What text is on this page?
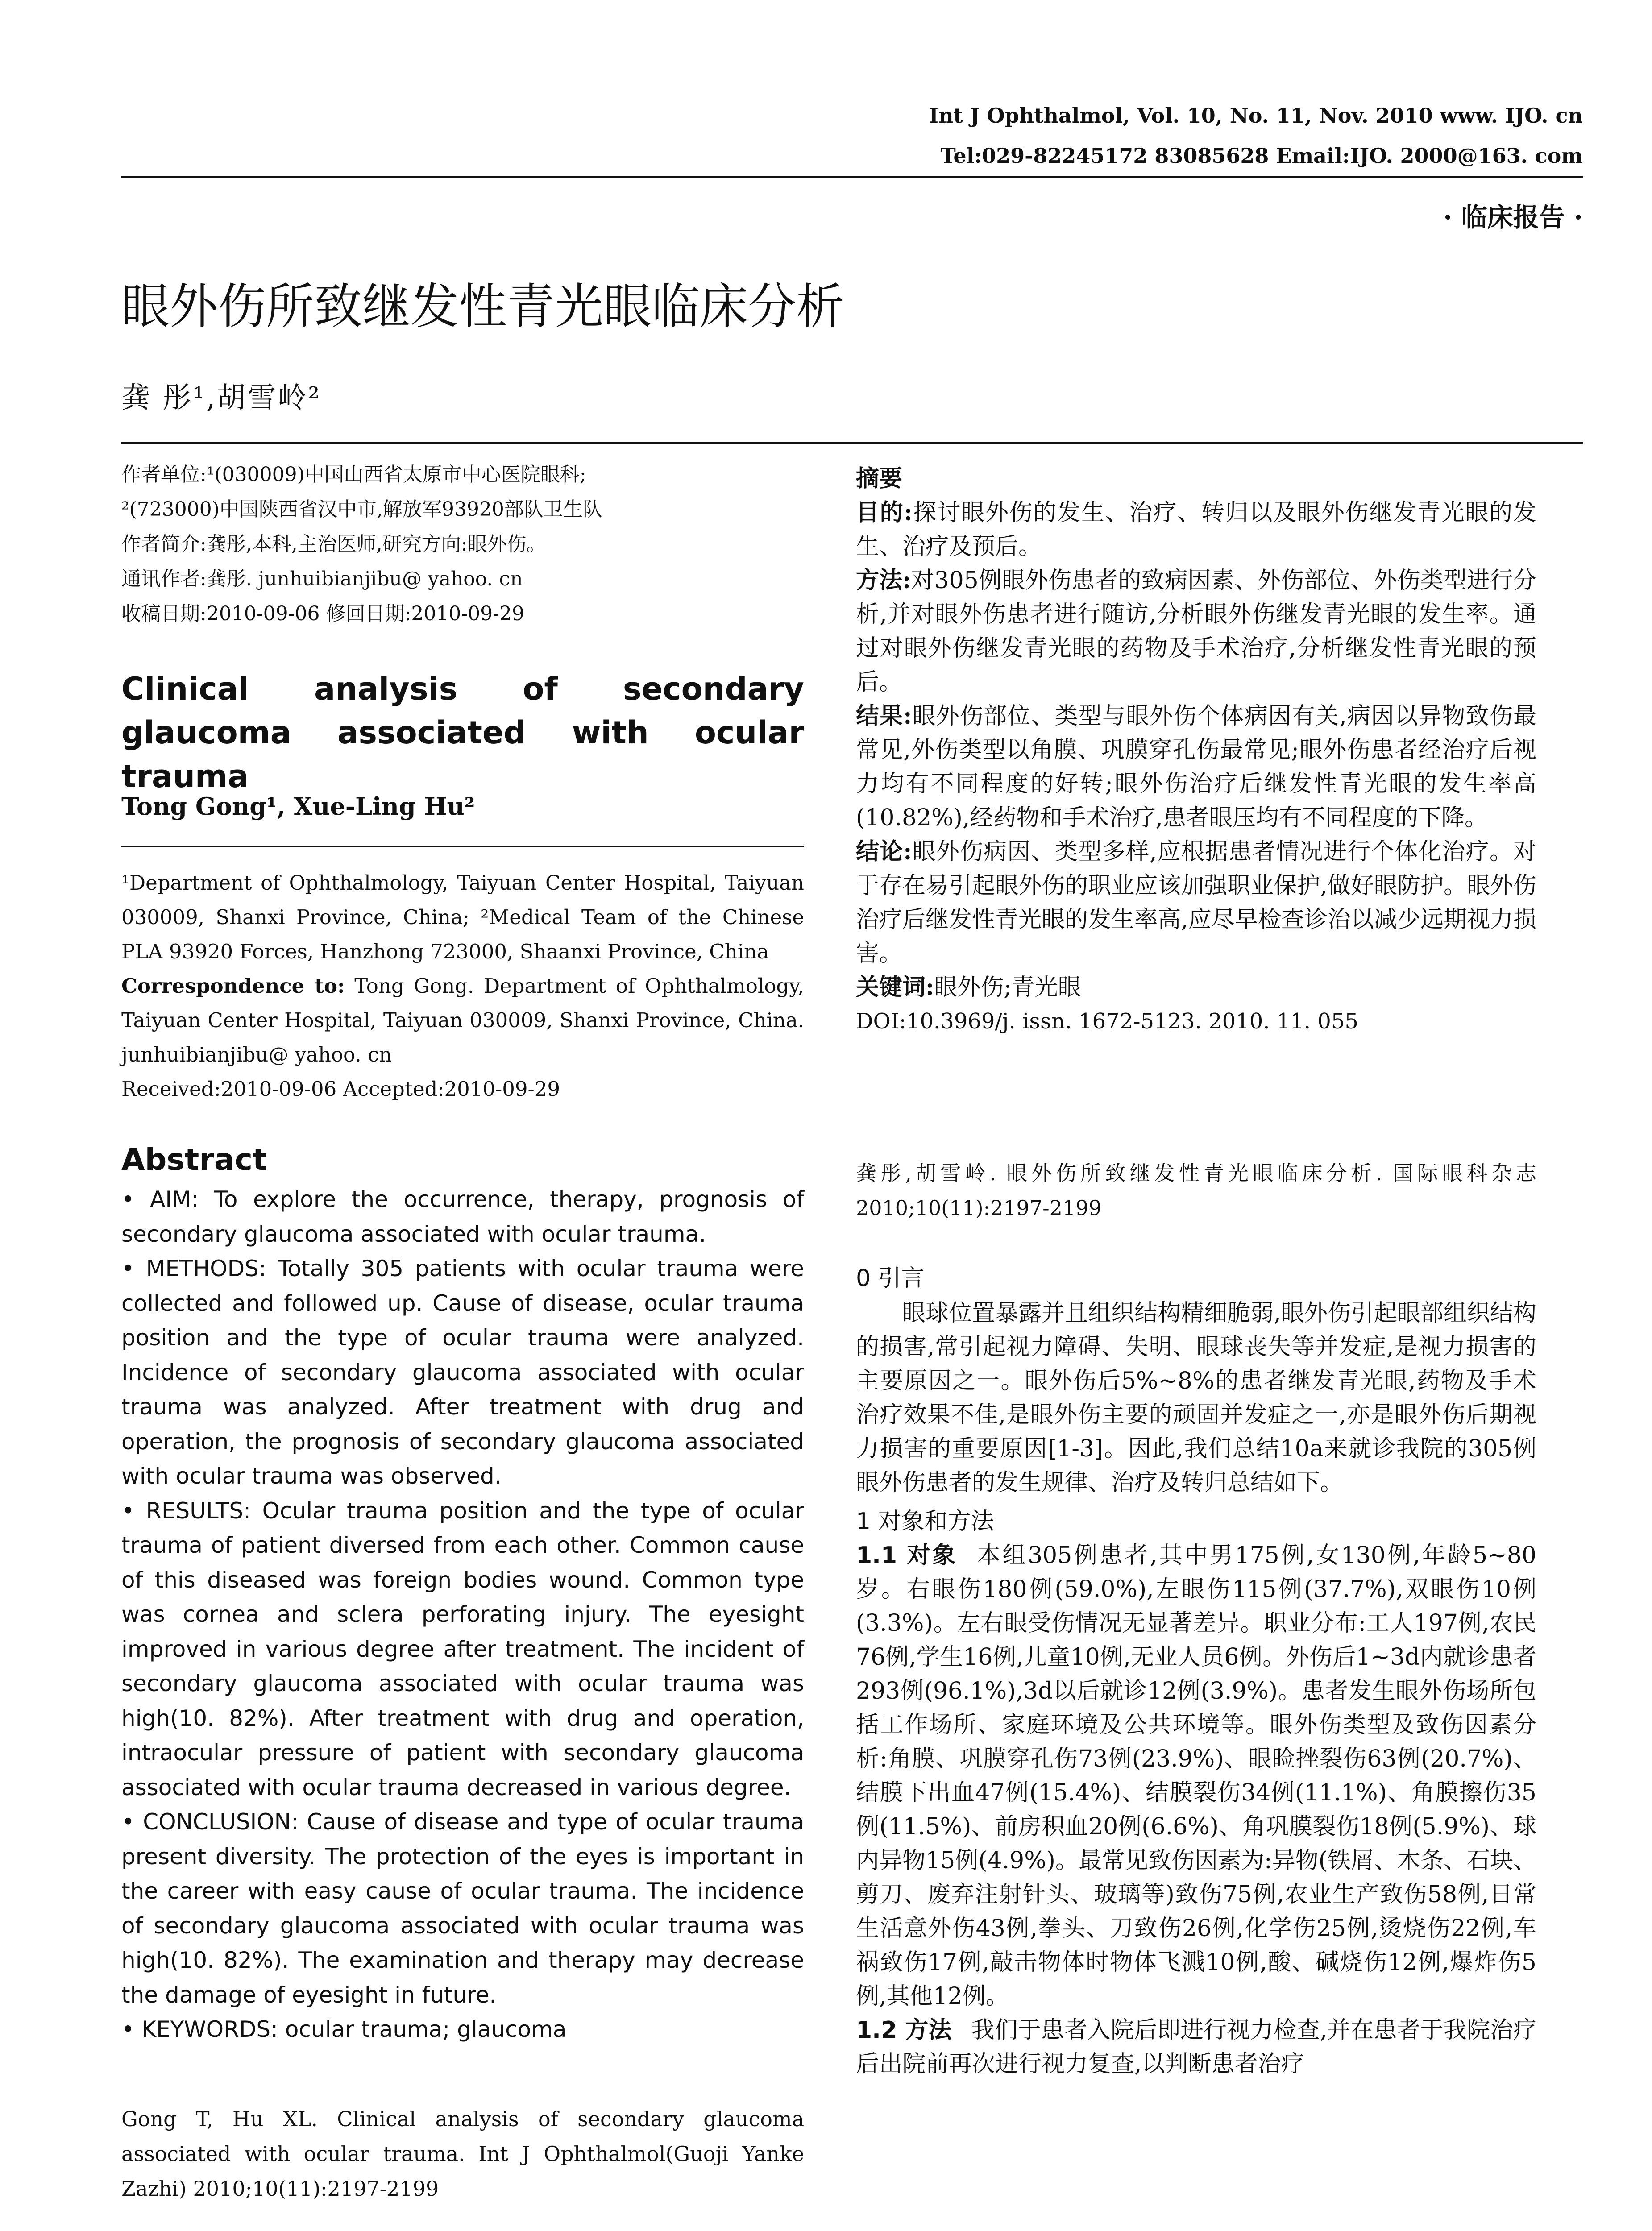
Int J Ophthalmol, Vol. 10, No. 11, Nov. 2010 www. IJO. cn
Tel:029-82245172 83085628 Email:IJO. 2000@163. com
· 临床报告 ·
眼外伤所致继发性青光眼临床分析
龚 彤¹,胡雪岭²
作者单位:¹(030009)中国山西省太原市中心医院眼科;
²(723000)中国陕西省汉中市,解放军93920部队卫生队
作者简介:龚彤,本科,主治医师,研究方向:眼外伤。
通讯作者:龚彤. junhuibianjibu@ yahoo. cn
收稿日期:2010-09-06 修回日期:2010-09-29
Clinical analysis of secondary glaucoma associated with ocular trauma
Tong Gong¹, Xue-Ling Hu²

¹Department of Ophthalmology, Taiyuan Center Hospital, Taiyuan 030009, Shanxi Province, China; ²Medical Team of the Chinese PLA 93920 Forces, Hanzhong 723000, Shaanxi Province, China

Correspondence to: Tong Gong. Department of Ophthalmology, Taiyuan Center Hospital, Taiyuan 030009, Shanxi Province, China. junhuibianjibu@ yahoo. cn

Received:2010-09-06 Accepted:2010-09-29

Abstract

• AIM: To explore the occurrence, therapy, prognosis of secondary glaucoma associated with ocular trauma.

• METHODS: Totally 305 patients with ocular trauma were collected and followed up. Cause of disease, ocular trauma position and the type of ocular trauma were analyzed. Incidence of secondary glaucoma associated with ocular trauma was analyzed. After treatment with drug and operation, the prognosis of secondary glaucoma associated with ocular trauma was observed.

• RESULTS: Ocular trauma position and the type of ocular trauma of patient diversed from each other. Common cause of this diseased was foreign bodies wound. Common type was cornea and sclera perforating injury. The eyesight improved in various degree after treatment. The incident of secondary glaucoma associated with ocular trauma was high(10. 82%). After treatment with drug and operation, intraocular pressure of patient with secondary glaucoma associated with ocular trauma decreased in various degree.

• CONCLUSION: Cause of disease and type of ocular trauma present diversity. The protection of the eyes is important in the career with easy cause of ocular trauma. The incidence of secondary glaucoma associated with ocular trauma was high(10. 82%). The examination and therapy may decrease the damage of eyesight in future.

• KEYWORDS: ocular trauma; glaucoma

Gong T, Hu XL. Clinical analysis of secondary glaucoma associated with ocular trauma. Int J Ophthalmol(Guoji Yanke Zazhi) 2010;10(11):2197-2199

摘要

目的:探讨眼外伤的发生、治疗、转归以及眼外伤继发青光眼的发生、治疗及预后。

方法:对305例眼外伤患者的致病因素、外伤部位、外伤类型进行分析,并对眼外伤患者进行随访,分析眼外伤继发青光眼的发生率。通过对眼外伤继发青光眼的药物及手术治疗,分析继发性青光眼的预后。

结果:眼外伤部位、类型与眼外伤个体病因有关,病因以异物致伤最常见,外伤类型以角膜、巩膜穿孔伤最常见;眼外伤患者经治疗后视力均有不同程度的好转;眼外伤治疗后继发性青光眼的发生率高(10.82%),经药物和手术治疗,患者眼压均有不同程度的下降。

结论:眼外伤病因、类型多样,应根据患者情况进行个体化治疗。对于存在易引起眼外伤的职业应该加强职业保护,做好眼防护。眼外伤治疗后继发性青光眼的发生率高,应尽早检查诊治以减少远期视力损害。

关键词:眼外伤;青光眼

DOI:10.3969/j. issn. 1672-5123. 2010. 11. 055

龚彤,胡雪岭. 眼外伤所致继发性青光眼临床分析. 国际眼科杂志 2010;10(11):2197-2199

0 引言

眼球位置暴露并且组织结构精细脆弱,眼外伤引起眼部组织结构的损害,常引起视力障碍、失明、眼球丧失等并发症,是视力损害的主要原因之一。眼外伤后5%~8%的患者继发青光眼,药物及手术治疗效果不佳,是眼外伤主要的顽固并发症之一,亦是眼外伤后期视力损害的重要原因[1-3]。因此,我们总结10a来就诊我院的305例眼外伤患者的发生规律、治疗及转归总结如下。

1 对象和方法

1.1 对象 本组305例患者,其中男175例,女130例,年龄5~80岁。右眼伤180例(59.0%),左眼伤115例(37.7%),双眼伤10例(3.3%)。左右眼受伤情况无显著差异。职业分布:工人197例,农民76例,学生16例,儿童10例,无业人员6例。外伤后1~3d内就诊患者293例(96.1%),3d以后就诊12例(3.9%)。患者发生眼外伤场所包括工作场所、家庭环境及公共环境等。眼外伤类型及致伤因素分析:角膜、巩膜穿孔伤73例(23.9%)、眼睑挫裂伤63例(20.7%)、结膜下出血47例(15.4%)、结膜裂伤34例(11.1%)、角膜擦伤35例(11.5%)、前房积血20例(6.6%)、角巩膜裂伤18例(5.9%)、球内异物15例(4.9%)。最常见致伤因素为:异物(铁屑、木条、石块、剪刀、废弃注射针头、玻璃等)致伤75例,农业生产致伤58例,日常生活意外伤43例,拳头、刀致伤26例,化学伤25例,烫烧伤22例,车祸致伤17例,敲击物体时物体飞溅10例,酸、碱烧伤12例,爆炸伤5例,其他12例。

1.2 方法 我们于患者入院后即进行视力检查,并在患者于我院治疗后出院前再次进行视力复查,以判断患者治疗
